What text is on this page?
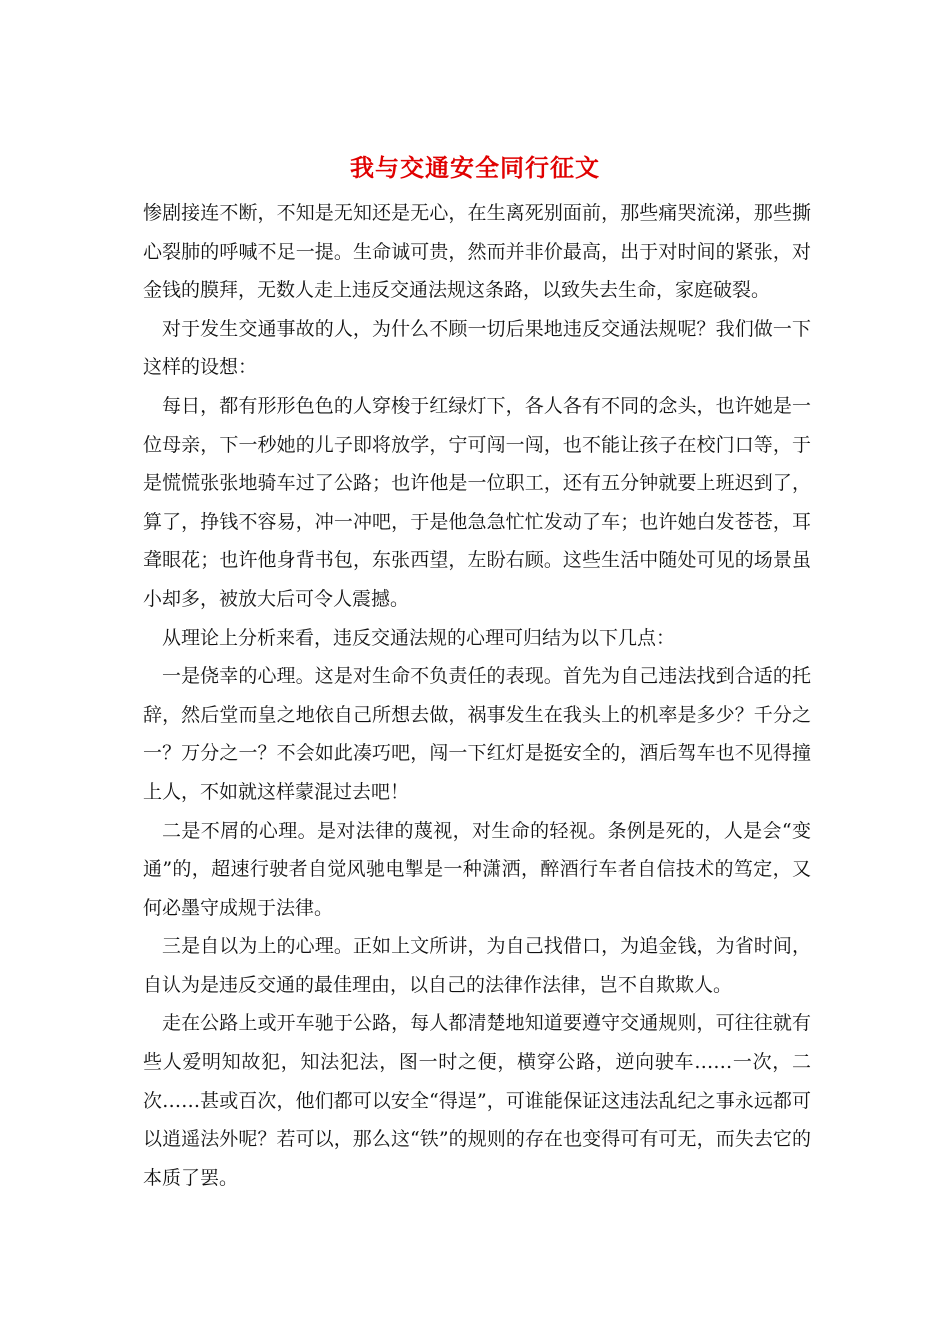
我与交通安全同行征文

惨剧接连不断，不知是无知还是无心，在生离死别面前，那些痛哭流涕，那些撕心裂肺的呼喊不足一提。生命诚可贵，然而并非价最高，出于对时间的紧张，对金钱的膜拜，无数人走上违反交通法规这条路，以致失去生命，家庭破裂。

对于发生交通事故的人，为什么不顾一切后果地违反交通法规呢？我们做一下这样的设想：

每日，都有形形色色的人穿梭于红绿灯下，各人各有不同的念头，也许她是一位母亲，下一秒她的儿子即将放学，宁可闯一闯，也不能让孩子在校门口等，于是慌慌张张地骑车过了公路；也许他是一位职工，还有五分钟就要上班迟到了，算了，挣钱不容易，冲一冲吧，于是他急急忙忙发动了车；也许她白发苍苍，耳聋眼花；也许他身背书包，东张西望，左盼右顾。这些生活中随处可见的场景虽小却多，被放大后可令人震撼。

从理论上分析来看，违反交通法规的心理可归结为以下几点：

一是侥幸的心理。这是对生命不负责任的表现。首先为自己违法找到合适的托辞，然后堂而皇之地依自己所想去做，祸事发生在我头上的机率是多少？千分之一？万分之一？不会如此凑巧吧，闯一下红灯是挺安全的，酒后驾车也不见得撞上人，不如就这样蒙混过去吧！

二是不屑的心理。是对法律的蔑视，对生命的轻视。条例是死的，人是会“变通”的，超速行驶者自觉风驰电掣是一种潇洒，醉酒行车者自信技术的笃定，又何必墨守成规于法律。

三是自以为上的心理。正如上文所讲，为自己找借口，为追金钱，为省时间，自认为是违反交通的最佳理由，以自己的法律作法律，岂不自欺欺人。

走在公路上或开车驰于公路，每人都清楚地知道要遵守交通规则，可往往就有些人爱明知故犯，知法犯法，图一时之便，横穿公路，逆向驶车……一次，二次……甚或百次，他们都可以安全“得逞”，可谁能保证这违法乱纪之事永远都可以逍遥法外呢？若可以，那么这“铁”的规则的存在也变得可有可无，而失去它的本质了罢。
